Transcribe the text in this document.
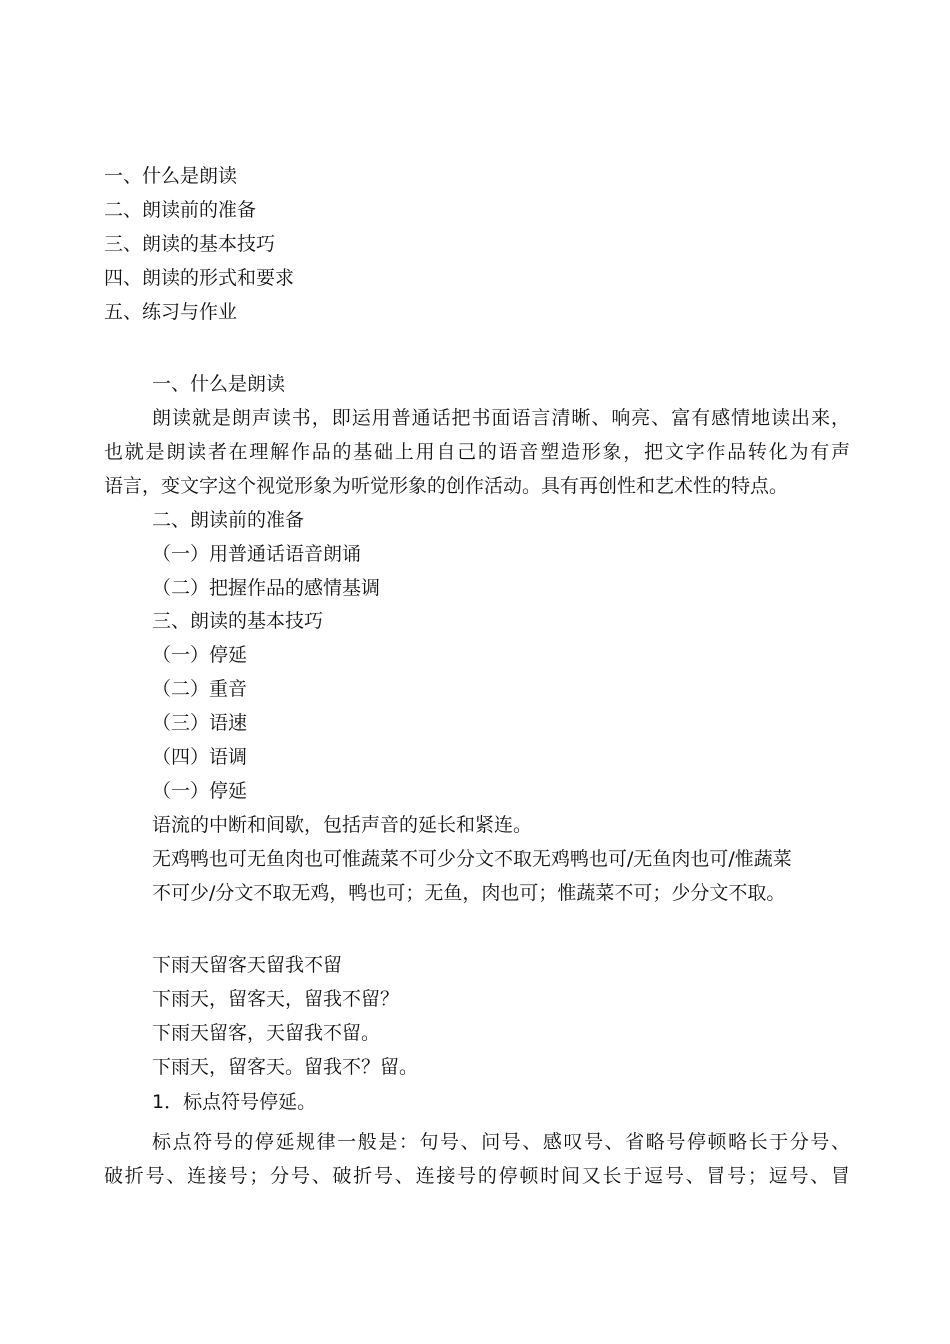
一、什么是朗读
二、朗读前的准备
三、朗读的基本技巧
四、朗读的形式和要求
五、练习与作业
一、什么是朗读
朗读就是朗声读书，即运用普通话把书面语言清晰、响亮、富有感情地读出来，
也就是朗读者在理解作品的基础上用自己的语音塑造形象，把文字作品转化为有声
语言，变文字这个视觉形象为听觉形象的创作活动。具有再创性和艺术性的特点。
二、朗读前的准备
（一）用普通话语音朗诵
（二）把握作品的感情基调
三、朗读的基本技巧
（一）停延
（二）重音
（三）语速
（四）语调
（一）停延
语流的中断和间歇，包括声音的延长和紧连。
无鸡鸭也可无鱼肉也可惟蔬菜不可少分文不取无鸡鸭也可/无鱼肉也可/惟蔬菜
不可少/分文不取无鸡，鸭也可；无鱼，肉也可；惟蔬菜不可；少分文不取。
下雨天留客天留我不留
下雨天，留客天，留我不留？
下雨天留客，天留我不留。
下雨天，留客天。留我不？留。
1．标点符号停延。
标点符号的停延规律一般是：句号、问号、感叹号、省略号停顿略长于分号、
破折号、连接号；分号、破折号、连接号的停顿时间又长于逗号、冒号；逗号、冒
